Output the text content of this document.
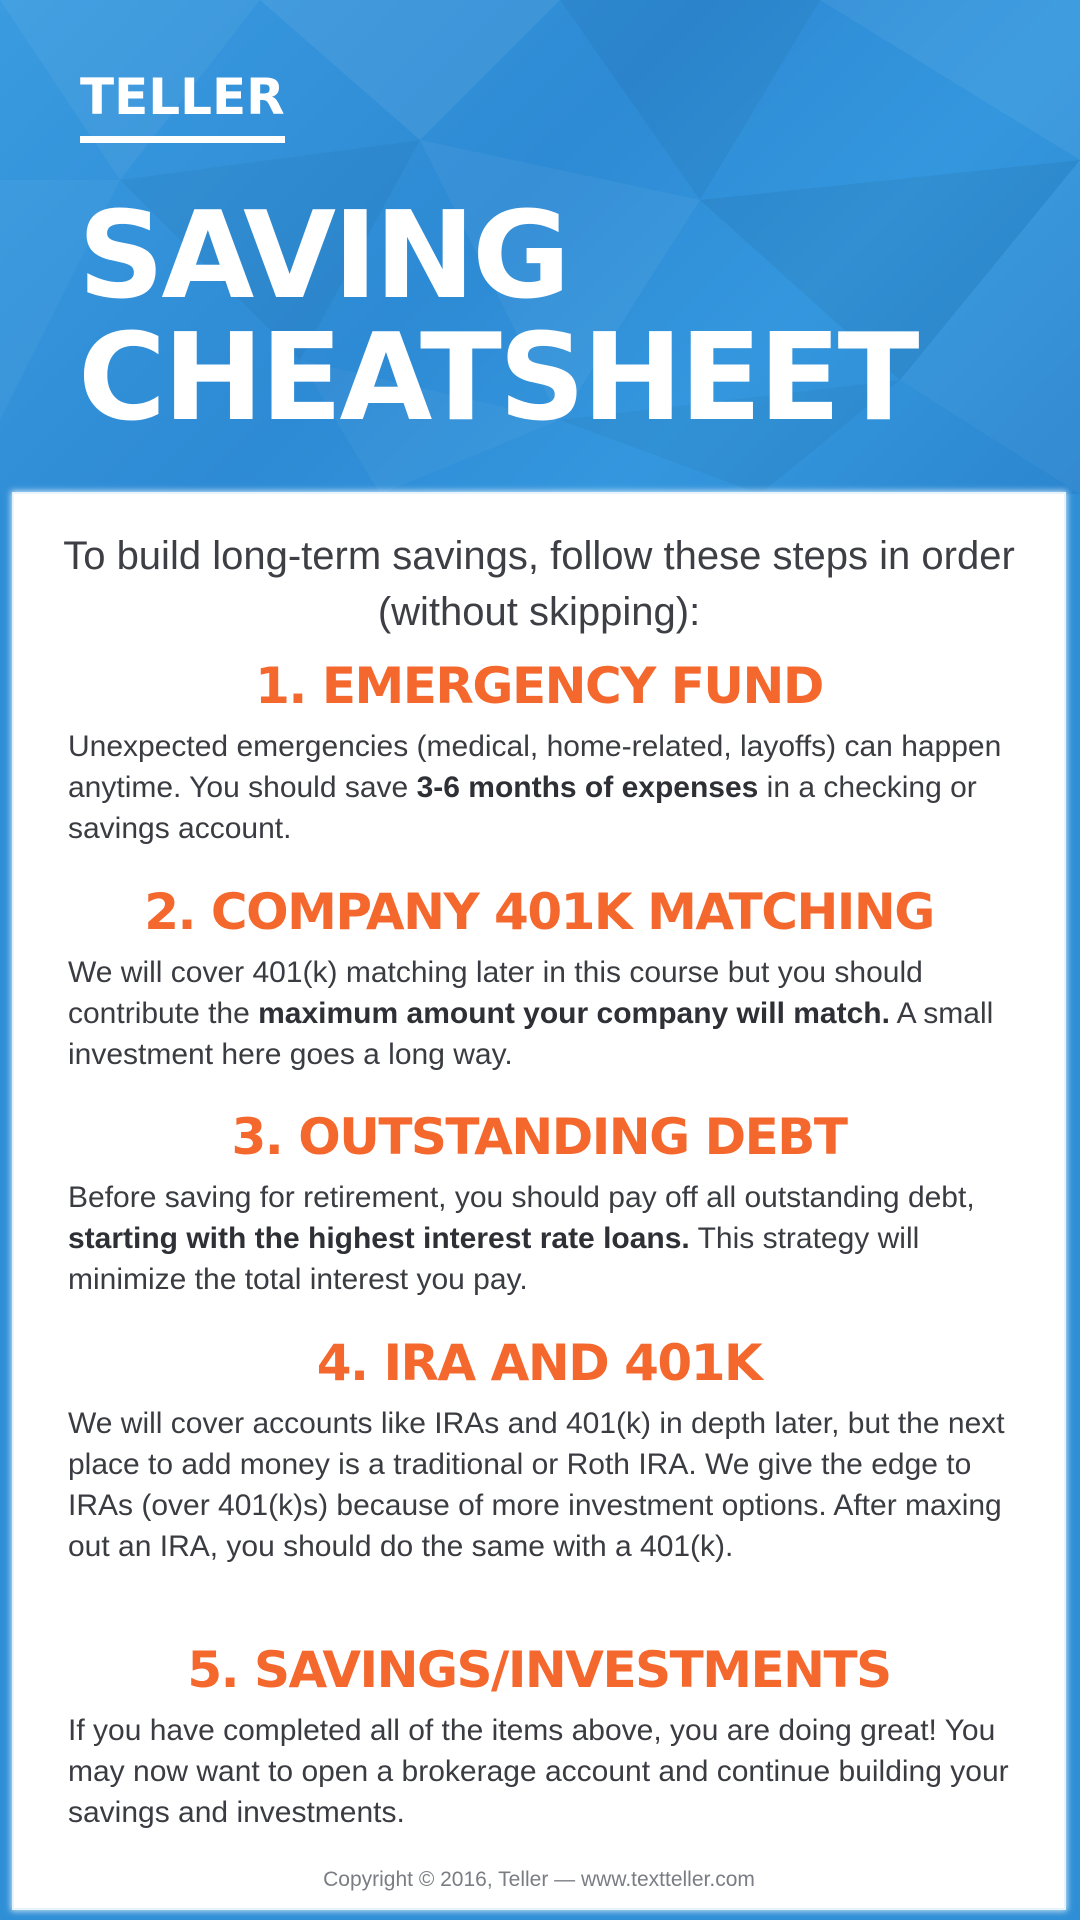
TELLER
SAVING
CHEATSHEET
To build long-term savings, follow these steps in order (without skipping):
1. EMERGENCY FUND
Unexpected emergencies (medical, home-related, layoffs) can happen anytime. You should save 3-6 months of expenses in a checking or savings account.
2. COMPANY 401K MATCHING
We will cover 401(k) matching later in this course but you should contribute the maximum amount your company will match. A small investment here goes a long way.
3. OUTSTANDING DEBT
Before saving for retirement, you should pay off all outstanding debt, starting with the highest interest rate loans. This strategy will minimize the total interest you pay.
4. IRA AND 401K
We will cover accounts like IRAs and 401(k) in depth later, but the next place to add money is a traditional or Roth IRA. We give the edge to IRAs (over 401(k)s) because of more investment options. After maxing out an IRA, you should do the same with a 401(k).
5. SAVINGS/INVESTMENTS
If you have completed all of the items above, you are doing great! You may now want to open a brokerage account and continue building your savings and investments.
Copyright © 2016, Teller — www.textteller.com
